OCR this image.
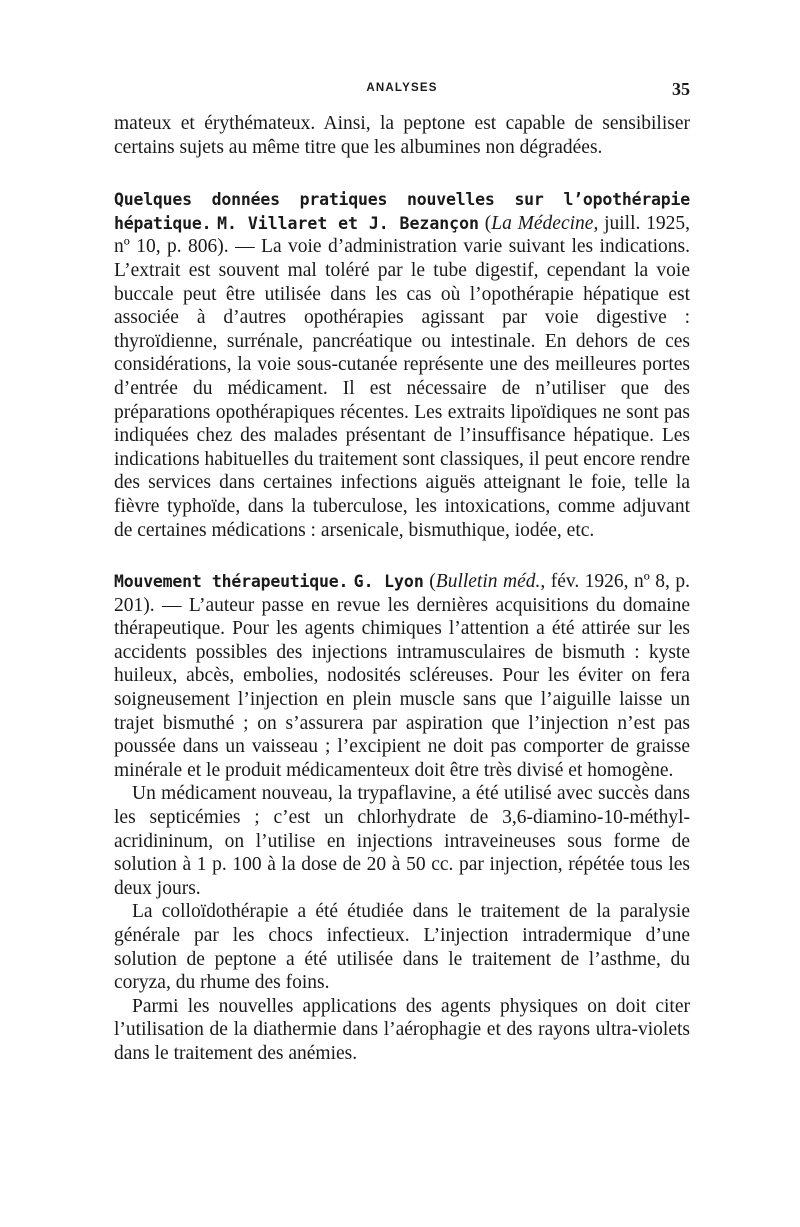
ANALYSES	35

mateux et érythémateux. Ainsi, la peptone est capable de sensibiliser certains sujets au même titre que les albumines non dégradées.

Quelques données pratiques nouvelles sur l’opothérapie hépatique. M. Villaret et J. Bezançon (La Médecine, juill. 1925, nº 10, p. 806). — La voie d’administration varie suivant les indications. L’extrait est souvent mal toléré par le tube digestif, cependant la voie buccale peut être utilisée dans les cas où l’opothérapie hépatique est associée à d’autres opothérapies agissant par voie digestive : thyroïdienne, surrénale, pancréatique ou intestinale. En dehors de ces considérations, la voie sous-cutanée représente une des meilleures portes d’entrée du médicament. Il est nécessaire de n’utiliser que des préparations opothérapiques récentes. Les extraits lipoïdiques ne sont pas indiquées chez des malades présentant de l’insuffisance hépatique. Les indications habituelles du traitement sont classiques, il peut encore rendre des services dans certaines infections aiguës atteignant le foie, telle la fièvre typhoïde, dans la tuberculose, les intoxications, comme adjuvant de certaines médications : arsenicale, bismuthique, iodée, etc.

Mouvement thérapeutique. G. Lyon (Bulletin méd., fév. 1926, nº 8, p. 201). — L’auteur passe en revue les dernières acquisitions du domaine thérapeutique. Pour les agents chimiques l’attention a été attirée sur les accidents possibles des injections intramusculaires de bismuth : kyste huileux, abcès, embolies, nodosités scléreuses. Pour les éviter on fera soigneusement l’injection en plein muscle sans que l’aiguille laisse un trajet bismuthé ; on s’assurera par aspiration que l’injection n’est pas poussée dans un vaisseau ; l’excipient ne doit pas comporter de graisse minérale et le produit médicamenteux doit être très divisé et homogène.

Un médicament nouveau, la trypaflavine, a été utilisé avec succès dans les septicémies ; c’est un chlorhydrate de 3,6-diamino-10-méthyl-acridininum, on l’utilise en injections intraveineuses sous forme de solution à 1 p. 100 à la dose de 20 à 50 cc. par injection, répétée tous les deux jours.

La colloïdothérapie a été étudiée dans le traitement de la paralysie générale par les chocs infectieux. L’injection intradermique d’une solution de peptone a été utilisée dans le traitement de l’asthme, du coryza, du rhume des foins.

Parmi les nouvelles applications des agents physiques on doit citer l’utilisation de la diathermie dans l’aérophagie et des rayons ultra-violets dans le traitement des anémies.
